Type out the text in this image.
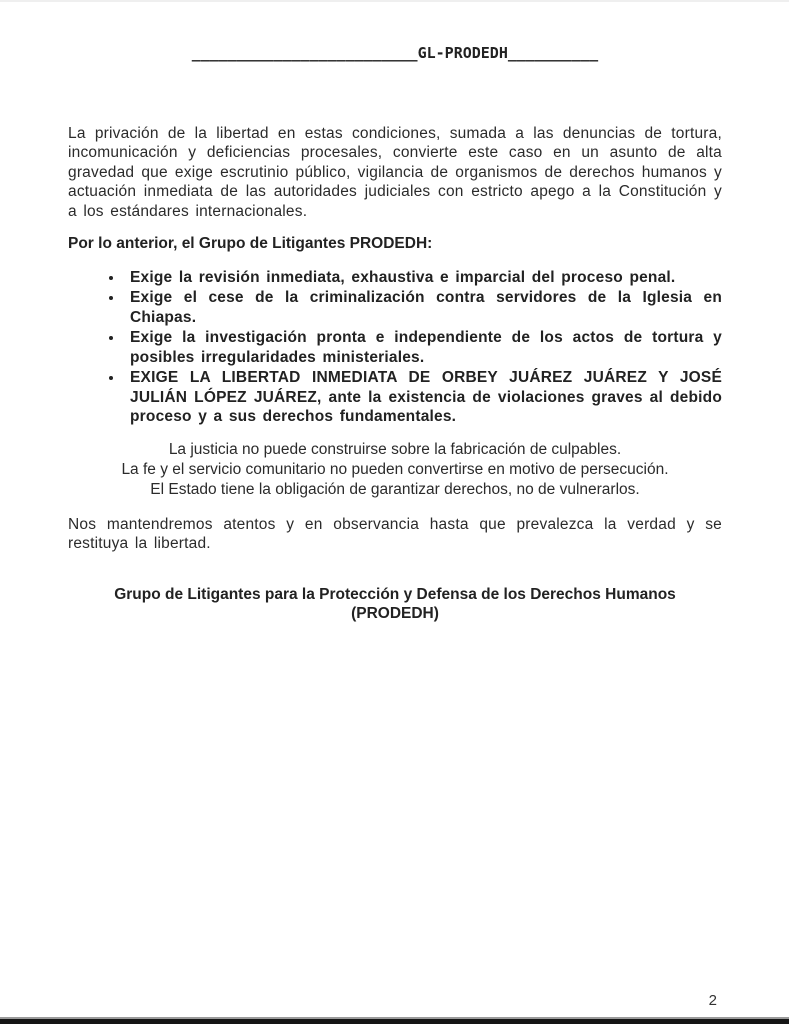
_________________________GL-PRODEDH__________

La privación de la libertad en estas condiciones, sumada a las denuncias de tortura, incomunicación y deficiencias procesales, convierte este caso en un asunto de alta gravedad que exige escrutinio público, vigilancia de organismos de derechos humanos y actuación inmediata de las autoridades judiciales con estricto apego a la Constitución y a los estándares internacionales.

Por lo anterior, el Grupo de Litigantes PRODEDH:

• Exige la revisión inmediata, exhaustiva e imparcial del proceso penal.
• Exige el cese de la criminalización contra servidores de la Iglesia en Chiapas.
• Exige la investigación pronta e independiente de los actos de tortura y posibles irregularidades ministeriales.
• EXIGE LA LIBERTAD INMEDIATA DE ORBEY JUÁREZ JUÁREZ Y JOSÉ JULIÁN LÓPEZ JUÁREZ, ante la existencia de violaciones graves al debido proceso y a sus derechos fundamentales.

La justicia no puede construirse sobre la fabricación de culpables.

La fe y el servicio comunitario no pueden convertirse en motivo de persecución.

El Estado tiene la obligación de garantizar derechos, no de vulnerarlos.

Nos mantendremos atentos y en observancia hasta que prevalezca la verdad y se restituya la libertad.

Grupo de Litigantes para la Protección y Defensa de los Derechos Humanos

(PRODEDH)

2
